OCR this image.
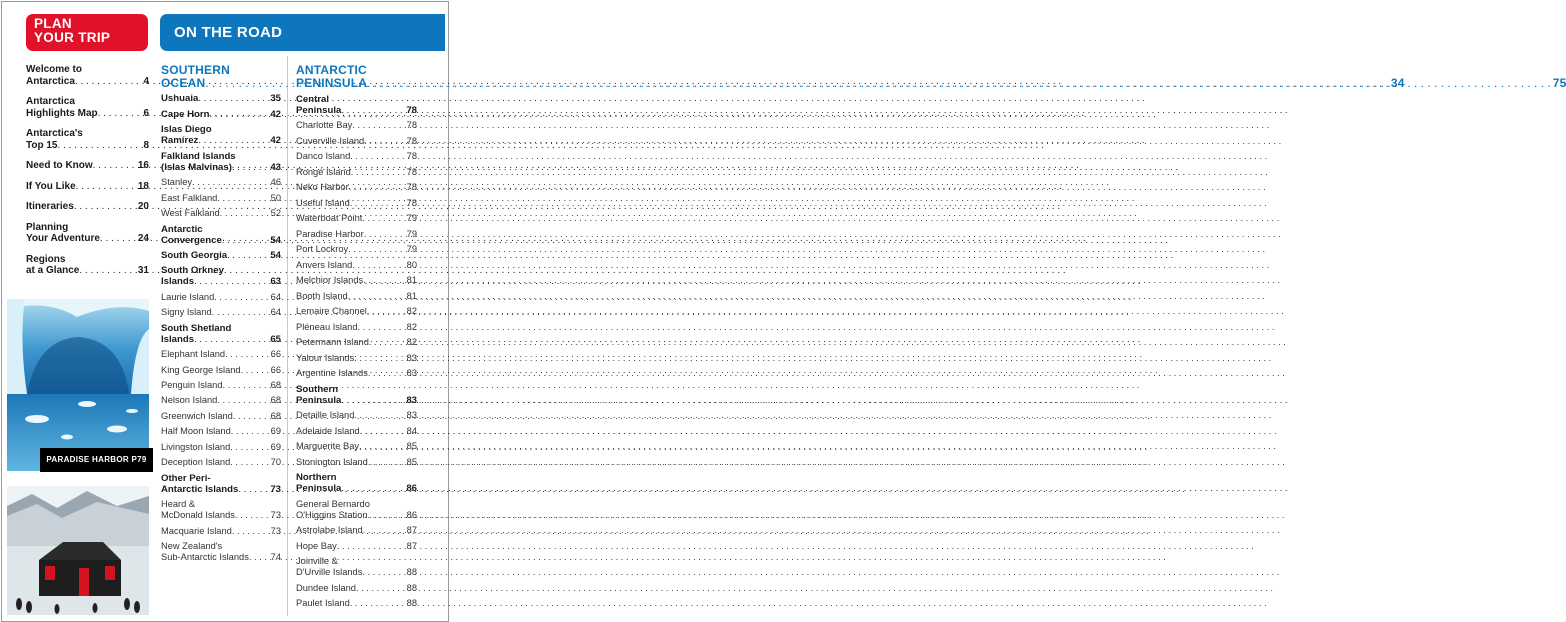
PLAN
YOUR TRIP	ON THE ROAD
Welcome to
Antarctica . . .	4
Antarctica
Highlights Map . . .	6
Antarctica's
Top 15 . . .	8
Need to Know . . .	16
If You Like . . .	18
Itineraries . . .	20
Planning
Your Adventure . . .	24
Regions
at a Glance . . .	31
PARADISE HARBOR P79
SOUTHERN
OCEAN . . .	34
Ushuaia . . .	35
Cape Horn . . .	42
Islas Diego
Ramírez . . .	42
Falkland Islands
(Islas Malvinas) . . .	43
Stanley . . .	46
East Falkland . . .	50
West Falkland . . .	52
Antarctic
Convergence . . .	54
South Georgia . . .	54
South Orkney
Islands . . .	63
Laurie Island . . .	64
Signy Island . . .	64
South Shetland
Islands . . .	65
Elephant Island . . .	66
King George Island . . .	66
Penguin Island . . .	68
Nelson Island . . .	68
Greenwich Island . . .	68
Half Moon Island . . .	69
Livingston Island . . .	69
Deception Island . . .	70
Other Peri-
Antarctic Islands . . .	73
Heard &
McDonald Islands . . .	73
Macquarie Island . . .	73
New Zealand's
Sub-Antarctic Islands . . . 74
ANTARCTIC
PENINSULA . . .	75
Central
Peninsula . . .	78
Charlotte Bay . . .	78
Cuverville Island . . .	78
Danco Island . . .	78
Rongé Island . . .	78
Neko Harbor . . .	78
Useful Island . . .	78
Waterboat Point . . .	79
Paradise Harbor . . .	79
Port Lockroy . . .	79
Anvers Island . . .	80
Melchior Islands . . .	81
Booth Island . . .	81
Lemaire Channel . . .	82
Pléneau Island . . .	82
Petermann Island . . .	82
Yalour Islands . . .	83
Argentine Islands . . .	83
Southern
Peninsula . . .	83
Detaille Island . . .	83
Adelaide Island . . .	84
Marguerite Bay . . .	85
Stonington Island . . .	85
Northern
Peninsula . . .	86
General Bernardo
O'Higgins Station . . .	86
Astrolabe Island . . .	87
Hope Bay . . .	87
Joinville &
D'Urville Islands . . .	88
Dundee Island . . .	88
Paulet Island . . .	88
